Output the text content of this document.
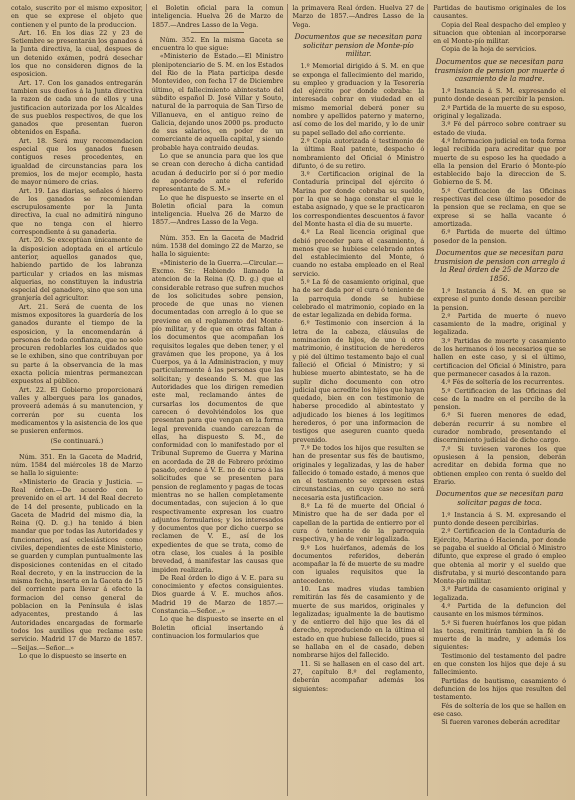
cotalo, suscrito por el mismo expositor, en que se exprese el objeto que contienen y el punto de la produccion.

Art. 16. En los dias 22 y 23 de Setiembre se presentarán los ganados á la Junta directiva, la cual, despues de un detenido exámen, podrá desechar los que no consideren dignos de la esposicion.

Art. 17. Con los ganados entregarán tambien sus dueños á la Junta directiva la razon de cada uno de ellos y una justificacion autorizada por los Alcaldes de sus pueblos respectivos, de que los ganados que presentan fueron obtenidos en España.

Art. 18. Será muy recomendacion especial que los ganados fuesen contiguos reses procedentes, en igualdad de circunstancias para los premios, los de mejor ecemplo, hasta de mayor número de crias.

Art. 19. Las diarias, señales ó hierro de los ganados se recomiendan escrupulosamente por la Junta directiva, la cual no admitirá ninguno que no tenga con el hierro correspondiente á su ganaderia.

Art. 20. Se exceptúan únicamente de la disposicion adoptada en el artículo anterior, aquellos ganados que, habiendo partido de los labranza particular y criados en las mismas alquerias, no constituyen la industria especial del ganadero, sino que son una granjería del agricultor.

Art. 21. Será de cuenta de los mismos expositores la guardería de los ganados durante el tiempo de la esposicion, y la encomendarán á personas de toda confianza, que no solo procuren redoblarles los cuidados que se le exhiben, sino que contribuyan por su parte á la observancia de la mas exacta policía mientras permanezcan expuestos al público.

Art. 22. El Gobierno proporcionará valles y albergues para los ganados, proveerá además á su manutencion, y correrán por su cuenta los medicamentos y la asistencia de los que se pusieren enfermos.

(Se continuará.)

Núm. 351. En la Gaceta de Madrid, núm. 1584 del miércoles 18 de Marzo se halla lo siguiente:

«Ministerio de Gracia y Justicia. —Real órden.—De acuerdo con lo prevenido en el art. 14 del Real decreto de 14 del presente, publicado en la Gaceta de Madrid del mismo dia, la Reina (Q. D. g.) ha tenido á bien mandar que por todas las Autoridades y funcionarios, así eclesiásticos como civiles, dependientes de este Ministerio, se guarden y cumplan puntualmente las disposiciones contenidas en el citado Real decreto, y en la instruccion de la misma fecha, inserta en la Gaceta de 15 del corriente para llevar á efecto la formacion del censo general de poblacion en la Península é islas adyacentes, prestando á las Autoridades encargadas de formarle todos los auxilios que reclame este servicio. Madrid 17 de Marzo de 1857.—Seijas.—Señor...»

Lo que lo dispuesto se inserte en

el Boletin oficial para la comun inteligencia. Huelva 26 de Marzo de 1857.—Andres Lasso de la Vega.

Núm. 352. En la misma Gaceta se encuentra lo que sigue:

«Ministerio de Estado.—El Ministro plenipotenciario de S. M. en los Estados del Rio de la Plata participa desde Montevideo, con fecha 17 de Diciembre último, el fallecimiento abintestato del súbdito español D. José Villar y Souto, natural de la parroquia de San Tirso de Villanueva, en el antiguo reino de Galicia, dejando unos 2000 ps. producto de sus salarios, en poder de un comerciante de aquella capital, y siendo probable haya contraido deudas.

Lo que se anuncia para que los que se crean con derecho á dicha cantidad acudan á deducirlo por sí ó por medio de apoderado ante el referido representante de S. M.»

Lo que he dispuesto se inserte en el Boletin oficial para la comun inteligencia. Huelva 26 de Marzo de 1857.—Andres Lasso de la Vega.

Núm. 353. En la Gaceta de Madrid núm. 1538 del domingo 22 de Marzo, se halla lo siguiente:

«Ministerio de la Guerra.—Circular.—Excmo. Sr.: Habiendo llamado la atencion de la Reina (Q. D. g.) que el considerable retraso que sufren muchos de los solicitudes sobre pension, procede de que unas no vienen documentadas con arreglo á lo que se previene en el reglamento del Monte-pío militar, y de que en otras faltan á los documentos que acompañan los requisitos legales que deben tener, y el gravámen que les propone, ya á los Cuerpos, ya á la Administracion, y muy particularmente á las personas que las solicitan; y deseando S. M. que las Autoridades que los dirigen remedien este mal, reclamando ántes de cursarlas los documentos de que carecen ó devolviéndolos los que presentan para que vengan en la forma legal prevenida cuando carezcan de ellas, ha dispuesto S. M., de conformidad con lo manifestado por el Tribunal Supremo de Guerra y Marina en acordada de 28 de Febrero próximo pasado, ordene á V. E. no dé curso á las solicitudes que se presenten para pension de reglamento y pagas de tocas mientras no se hallen completamente documentadas, con sujecion á lo que respectivamente expresan los cuatro adjuntos formularios; y los interesados y documentos que por dicho cuerpo se reclamen de V. E., así de los expedientes de que se trata, como de otra clase, los cuales á la posible brevedad, á manifestar las causas que impiden realizarla.

De Real órden lo digo á V. E. para su conocimiento y efectos consiguientes. Dios guarde á V. E. muchos años. Madrid 19 de Marzo de 1857.—Constancia.—Señor...»

Lo que he dispuesto se inserte en el Boletin oficial insertando á continuacion los formularios que

la primavera Real órden. Huelva 27 de Marzo de 1857.—Andres Lasso de la Vega.

Documentos que se necesitan para solicitar pension de Monte-pío militar.

1.º Memorial dirigido á S. M. en que se exponga el fallecimiento del marido, su empleo y graduacion y la Tesorería del ejército por donde cobraba: la interesada cobrar en viudedad en el mismo memorial deberá poner su nombre y apellidos paterno y materno, así como de los del marido, y lo de unir su papel sellado del año corriente.

2.º Copia autorizada é testimonio de la última Real patente, despacho ó nombramiento del Oficial ó Ministro difunto, ó de su retiro.

3.º Certificacion original de la Contaduría principal del ejército ó Marina por donde cobraba su sueldo, por la que se haga constar el que le estaba asignado, y que se le practicaron los correspondientes descuentos á favor del Monte hasta el dia de su muerte.

4.º La Real licencia original que debió preceder para el casamiento, á menos que se hubiese celebrado antes del establecimiento del Monte, ó cuando no estaba empleado en el Real servicio.

5.º La fé de casamiento original, que ha de ser dada por el cura ó teniente de la parroquia donde se hubiese celebrado el matrimonio, copiado en la de estar legalizada en debida forma.

6.º Testimonio con insercion á la letra de la cabeza, cláusulas de nominacion de hijos, de uno ú otro matrimonio, é institucion de herederos y pié del último testamento bajo el cual falleció el Oficial ó Ministro; y si hubiese muerto abintestato, se ha de suplir dicho documento con otro judicial que acredite los hijos que hayan quedado, bien en con testimonio de haberse procedido al abintestato y adjudicado los bienes á los legítimos herederos, ó por una informacion de testigos que aseguren cuanto queda prevenido.

7.º De todos los hijos que resulten se han de presentar sus fés de bautismo, originales y legalizadas, y las de haber fallecido ó tomado estado, á menos que en el testamento se expresen estas circunstancias, en cuyo caso no será necesaria esta justificacion.

8.º La fé de muerte del Oficial ó Ministro que ha de ser dada por el capellan de la partida de entierro por el cura ó teniente de la parroquia respectiva, y ha de venir legalizada.

9.º Los huérfanos, además de los documentos referidos, deberán acompañar la fé de muerte de su madre con iguales requisitos que la antecedente.

10. Las madres viudas tambien remitirán las fés de casamiento y de muerte de sus maridos, originales y legalizadas; igualmente la de bautismo y de entierro del hijo que les dá el derecho, reproduciendo en la última el estado en que hubiese fallecido, pues si se hallaba en el de casado, deben nombrarse hijos del fallecido.

11. Si se hallasen en el caso del art. 27, capítulo 8.º del reglamento, deberán acompañar además los siguientes:

Partidas de bautismo originales de los causantes.

Copia del Real despacho del empleo y situacion que obtenian al incorporarse en el Monte-pío militar.

Copia de la hoja de servicios.

Documentos que se necesitan para trasmision de pension por muerte ó casamiento de la madre.

1.º Instancia á S. M. expresando el punto donde desean percibir la pension.

2.º Partida de la muerte de su esposo, original y legalizada.

3.º Fé del párroco sobre contraer su estado de viuda.

4.º Informacion judicial en toda forma legal recibida para acreditar que por muerte de su esposo les ha quedado a ella la pension del Erario ó Monte-pío establecido bajo la direccion de S. Gobierno de S. M.

5.º Certificacion de las Oficinas respectivas del cese último posedor de la pension que se reclama, en que se exprese si se halla vacante ó amortizada.

6.º Partida de muerte del último posedor de la pension.

Documentos que se necesitan para trasmision de pension con arreglo á la Real órden de 25 de Marzo de 1856.

1.º Instancia á S. M. en que se exprese el punto donde desean percibir la pension.

2.º Partida de muerte ó nuevo casamiento de la madre, original y legalizada.

3.º Partidas de muerte y casamiento de los hermanos ó los necesarios que se hallen en este caso, y si el último, certificacion del Oficial ó Ministro, para que permanecer casados á la razon.

4.º Fés de soltería de los recurrentes.

5.º Certificacion de las Oficinas del cese de la madre en el percibo de la pension.

6.º Si fueren menores de edad, deberán recurrir á su nombre el curador nombrado, presentando el discernimiento judicial de dicho cargo.

7.º Si tuviesen varones los que opusiesen á la pension, deberán acreditar en debida forma que no obtienen empleo con renta ó sueldo del Erario.

Documentos que se necesitan para solicitar pagas de toca.

1.º Instancia á S. M. expresando el punto donde deseen percibirlas.

2.º Certificacion de la Contaduría de Ejército, Marina ó Hacienda, por donde se pagaba el sueldo al Oficial ó Ministro difunto, que exprese el grado ó empleo que obtenia al morir y el sueldo que disfrutaba, y si murió descontando para Monte-pío militar.

3.º Partida de casamiento original y legalizada.

4.º Partida de la defuncion del causante en los mismos términos.

5.º Si fueren huérfanos los que pidan las tocas, remitirán tambien la fé de muerte de la madre, y además los siguientes:

Testimonio del testamento del padre en que consten los hijos que deje á su fallecimiento.

Partidas de bautismo, casamiento ó defuncion de los hijos que resulten del testamento.

Fés de soltería de los que se hallen en ese caso.

Si fueren varones deberán acreditar
